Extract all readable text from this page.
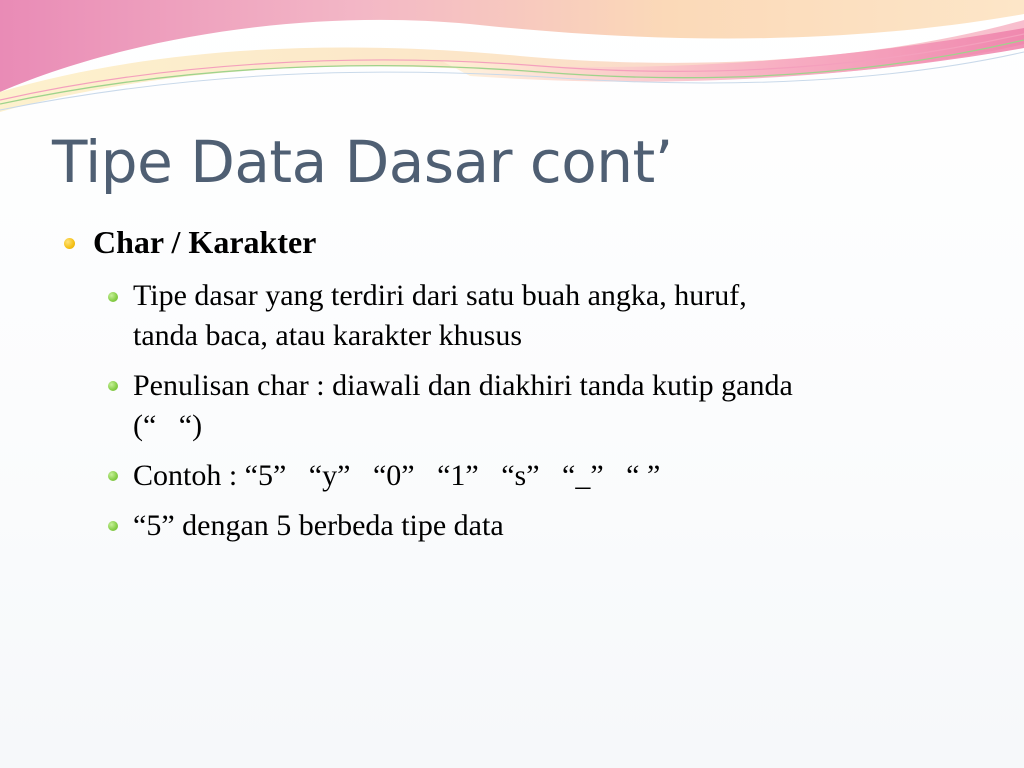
Tipe Data Dasar cont’
Char / Karakter
Tipe dasar yang terdiri dari satu buah angka, huruf,
tanda baca, atau karakter khusus
Penulisan char : diawali dan diakhiri tanda kutip ganda
(“   “)
Contoh : “5”   “y”   “0”   “1”   “s”   “_”   “ ”
“5” dengan 5 berbeda tipe data
